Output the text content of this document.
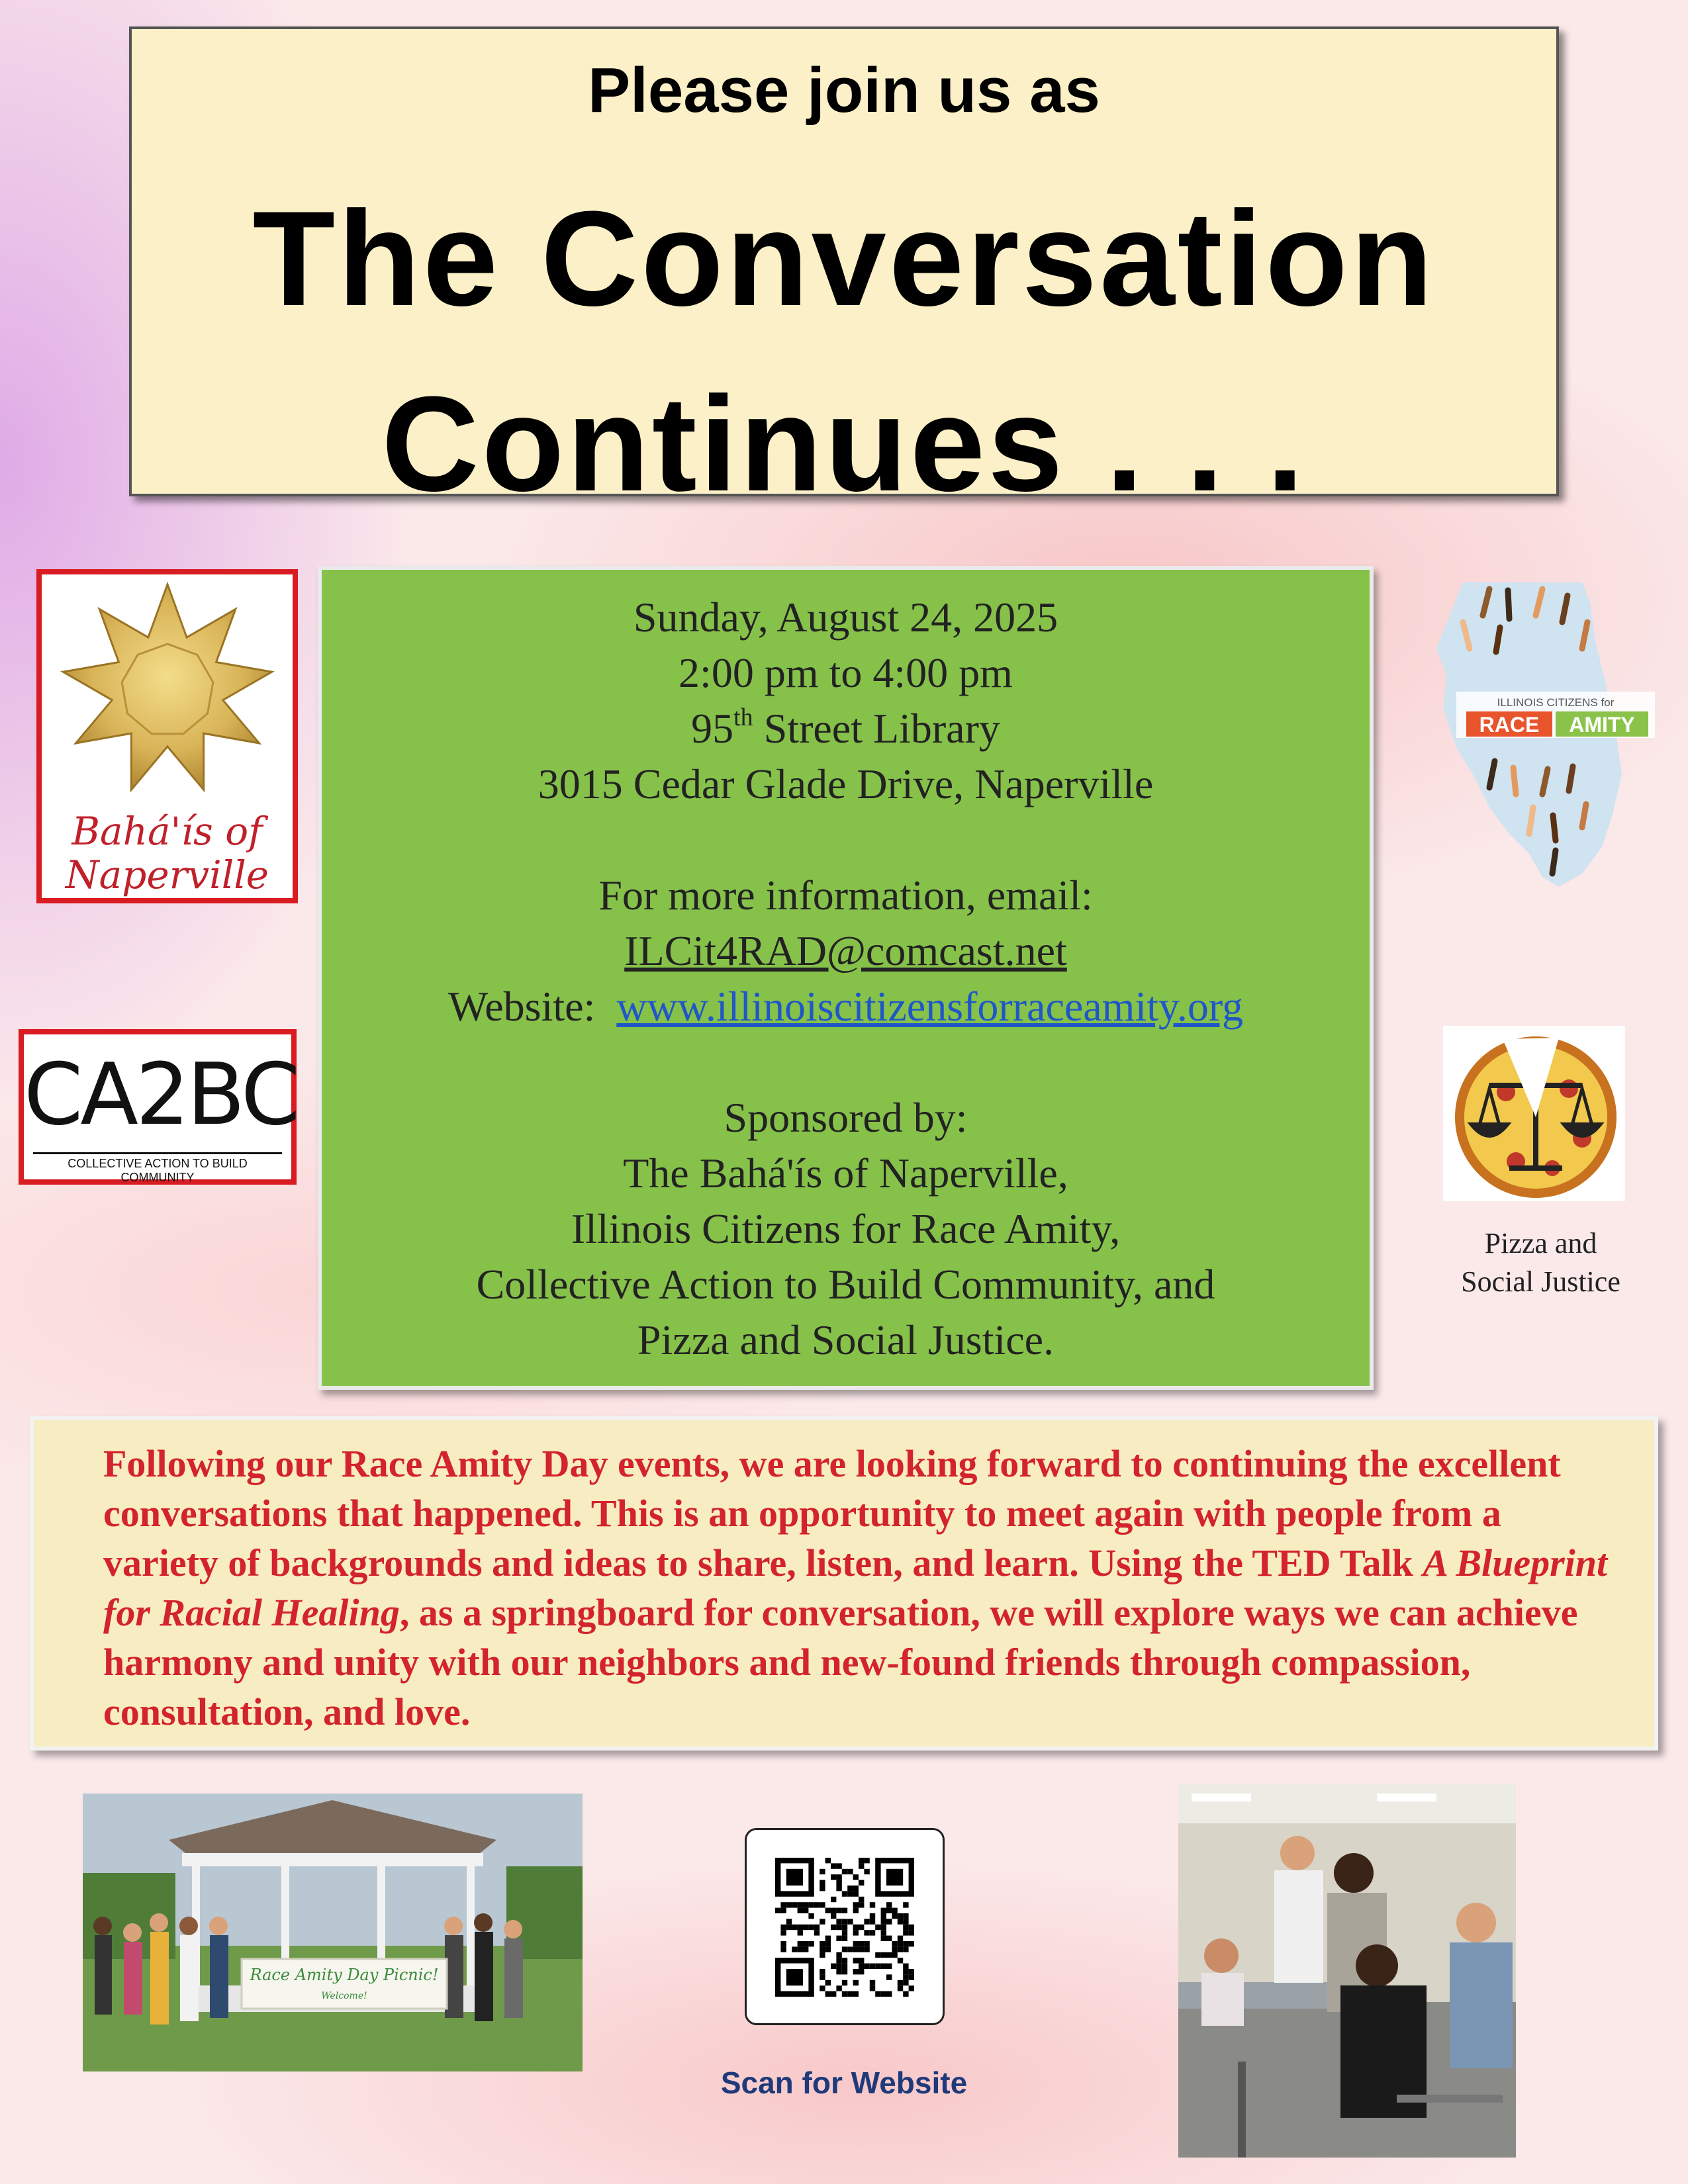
Please join us as
The Conversation
Continues . . .
Bahá'ís of
Naperville
CA2BC
COLLECTIVE ACTION TO BUILD COMMUNITY
Sunday, August 24, 2025
2:00 pm to 4:00 pm
95th Street Library
3015 Cedar Glade Drive, Naperville
For more information, email:
ILCit4RAD@comcast.net
Website: www.illinoiscitizensforraceamity.org
Sponsored by:
The Bahá'ís of Naperville,
Illinois Citizens for Race Amity,
Collective Action to Build Community, and
Pizza and Social Justice.
ILLINOIS CITIZENS for
RACE AMITY
Pizza and
Social Justice
Following our Race Amity Day events, we are looking forward to continuing the excellent conversations that happened. This is an opportunity to meet again with people from a variety of backgrounds and ideas to share, listen, and learn. Using the TED Talk A Blueprint for Racial Healing, as a springboard for conversation, we will explore ways we can achieve harmony and unity with our neighbors and new-found friends through compassion, consultation, and love.
Race Amity Day Picnic!
Welcome!
Scan for Website
